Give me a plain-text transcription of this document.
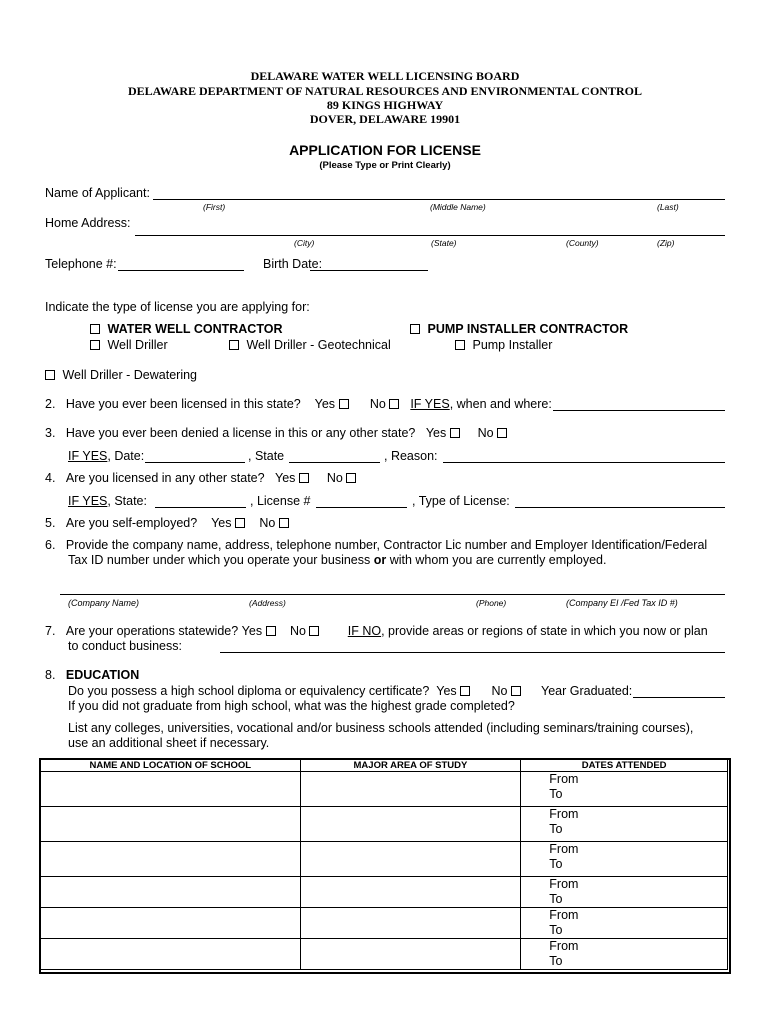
DELAWARE WATER WELL LICENSING BOARD
DELAWARE DEPARTMENT OF NATURAL RESOURCES AND ENVIRONMENTAL CONTROL
89 KINGS HIGHWAY
DOVER, DELAWARE 19901
APPLICATION FOR LICENSE
(Please Type or Print Clearly)
Name of Applicant:
(First)	(Middle Name)	(Last)
Home Address:
(City)	(State)	(County)	(Zip)
Telephone #:	Birth Date:
Indicate the type of license you are applying for:
WATER WELL CONTRACTOR
Well Driller	Well Driller - Geotechnical
PUMP INSTALLER CONTRACTOR
Pump Installer
Well Driller - Dewatering
2. Have you ever been licensed in this state? Yes	No IF YES, when and where:
3. Have you ever been denied a license in this or any other state? Yes	No
IF YES, Date:	, State	, Reason:
4. Are you licensed in any other state? Yes	No
IF YES, State:	, License #	, Type of License:
5. Are you self-employed? Yes No
6. Provide the company name, address, telephone number, Contractor Lic number and Employer Identification/Federal
Tax ID number under which you operate your business or with whom you are currently employed.
(Company Name)	(Address)	(Phone)	(Company EI /Fed Tax ID #)
7. Are your operations statewide? Yes No	IF NO, provide areas or regions of state in which you now or plan
to conduct business:
8. EDUCATION
Do you possess a high school diploma or equivalency certificate? Yes	No	Year Graduated:
If you did not graduate from high school, what was the highest grade completed?
List any colleges, universities, vocational and/or business schools attended (including seminars/training courses),
use an additional sheet if necessary.
NAME AND LOCATION OF SCHOOL	MAJOR AREA OF STUDY	DATES ATTENDED

		From
To

		From
To

		From
To

		From
To

		From
To

		From
To
